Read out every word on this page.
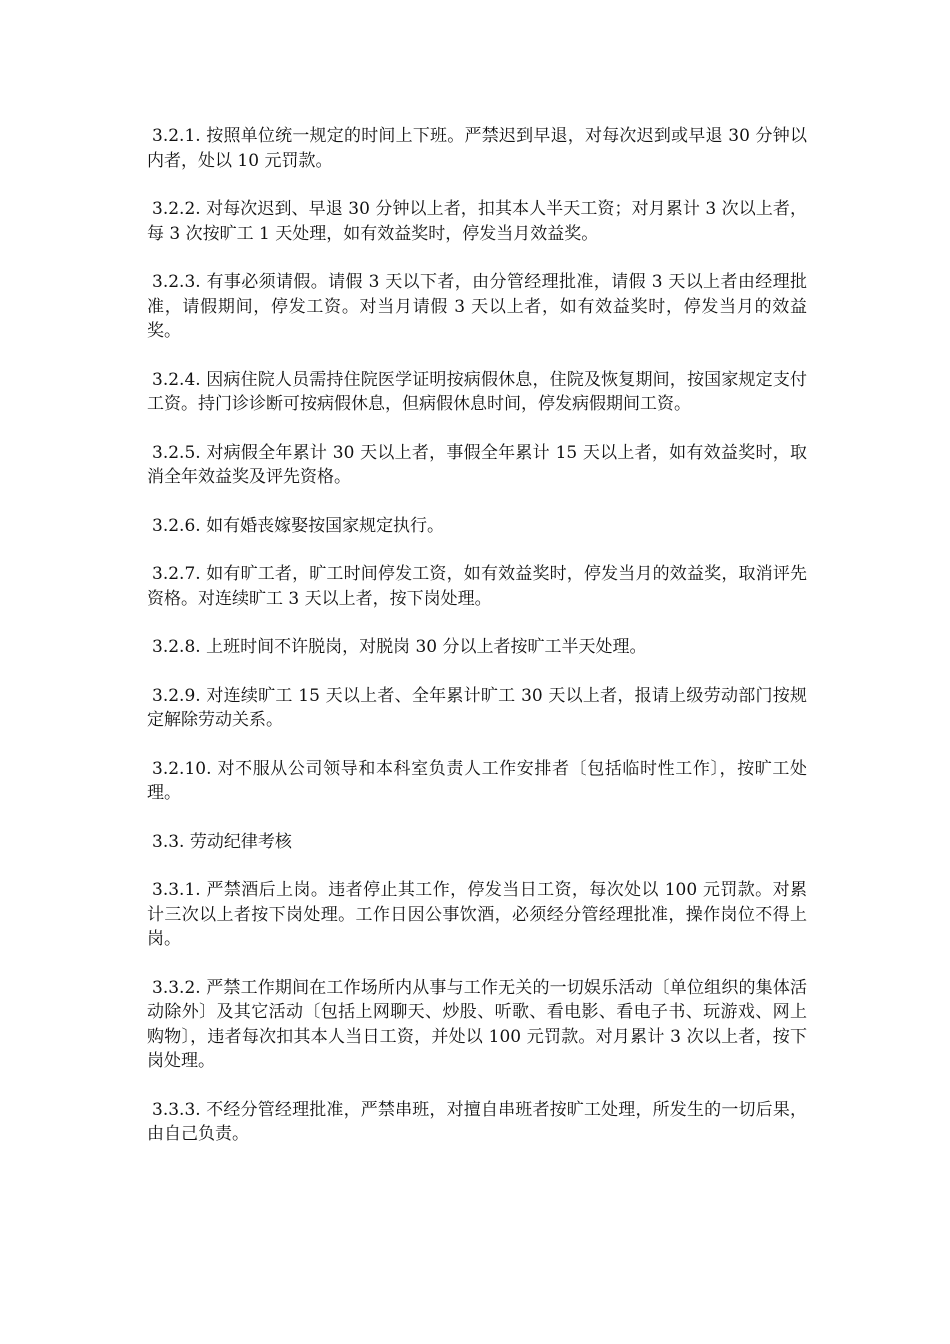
3.2.1. 按照单位统一规定的时间上下班。严禁迟到早退，对每次迟到或早退 30 分钟以内者，处以 10 元罚款。

3.2.2. 对每次迟到、早退 30 分钟以上者，扣其本人半天工资；对月累计 3 次以上者，每 3 次按旷工 1 天处理，如有效益奖时，停发当月效益奖。

3.2.3. 有事必须请假。请假 3 天以下者，由分管经理批准，请假 3 天以上者由经理批准，请假期间，停发工资。对当月请假 3 天以上者，如有效益奖时，停发当月的效益奖。

3.2.4. 因病住院人员需持住院医学证明按病假休息，住院及恢复期间，按国家规定支付工资。持门诊诊断可按病假休息，但病假休息时间，停发病假期间工资。

3.2.5. 对病假全年累计 30 天以上者，事假全年累计 15 天以上者，如有效益奖时，取消全年效益奖及评先资格。

3.2.6. 如有婚丧嫁娶按国家规定执行。

3.2.7. 如有旷工者，旷工时间停发工资，如有效益奖时，停发当月的效益奖，取消评先资格。对连续旷工 3 天以上者，按下岗处理。

3.2.8. 上班时间不许脱岗，对脱岗 30 分以上者按旷工半天处理。

3.2.9. 对连续旷工 15 天以上者、全年累计旷工 30 天以上者，报请上级劳动部门按规定解除劳动关系。

3.2.10. 对不服从公司领导和本科室负责人工作安排者〔包括临时性工作〕，按旷工处理。

3.3. 劳动纪律考核

3.3.1. 严禁酒后上岗。违者停止其工作，停发当日工资，每次处以 100 元罚款。对累计三次以上者按下岗处理。工作日因公事饮酒，必须经分管经理批准，操作岗位不得上岗。

3.3.2. 严禁工作期间在工作场所内从事与工作无关的一切娱乐活动〔单位组织的集体活动除外〕及其它活动〔包括上网聊天、炒股、听歌、看电影、看电子书、玩游戏、网上购物〕，违者每次扣其本人当日工资，并处以 100 元罚款。对月累计 3 次以上者，按下岗处理。

3.3.3. 不经分管经理批准，严禁串班，对擅自串班者按旷工处理，所发生的一切后果，由自己负责。
